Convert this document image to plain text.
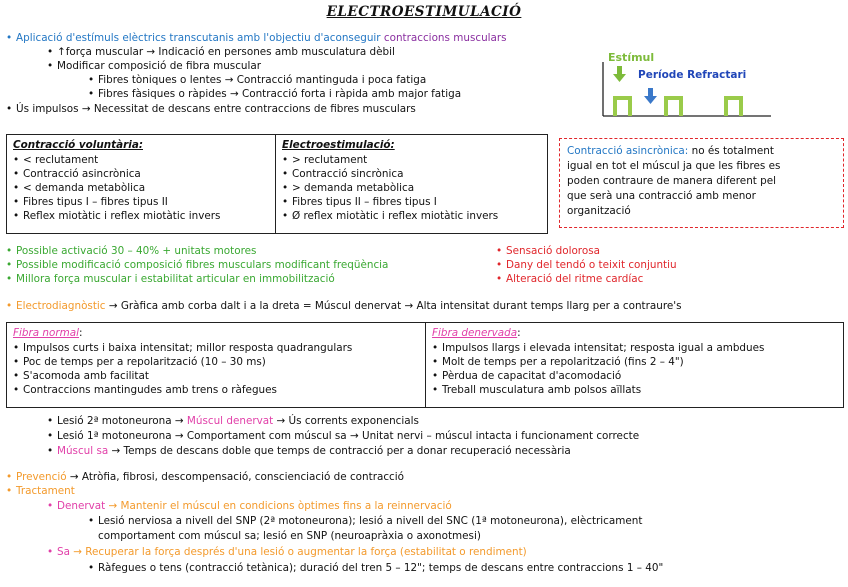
ELECTROESTIMULACIÓ
• Aplicació d'estímuls elèctrics transcutanis amb l'objectiu d'aconseguir contraccions musculars
• ↑força muscular → Indicació en persones amb musculatura dèbil
• Modificar composició de fibra muscular
• Fibres tòniques o lentes → Contracció mantinguda i poca fatiga
• Fibres fàsiques o ràpides → Contracció forta i ràpida amb major fatiga
• Ús impulsos → Necessitat de descans entre contraccions de fibres musculars
Estímul
Període Refractari
Contracció voluntària:
• < reclutament
• Contracció asincrònica
• < demanda metabòlica
• Fibres tipus I – fibres tipus II
• Reflex miotàtic i reflex miotàtic invers
Electroestimulació:
• > reclutament
• Contracció sincrònica
• > demanda metabòlica
• Fibres tipus II – fibres tipus I
• Ø reflex miotàtic i reflex miotàtic invers
Contracció asincrònica: no és totalment
igual en tot el múscul ja que les fibres es
poden contraure de manera diferent pel
que serà una contracció amb menor
organització
• Possible activació 30 – 40% + unitats motores
• Possible modificació composició fibres musculars modificant freqüència
• Millora força muscular i estabilitat articular en immobilització
• Sensació dolorosa
• Dany del tendó o teixit conjuntiu
• Alteració del ritme cardíac
• Electrodiagnòstic → Gràfica amb corba dalt i a la dreta = Múscul denervat → Alta intensitat durant temps llarg per a contraure's
Fibra normal:
• Impulsos curts i baixa intensitat; millor resposta quadrangulars
• Poc de temps per a repolarització (10 – 30 ms)
• S'acomoda amb facilitat
• Contraccions mantingudes amb trens o ràfegues
Fibra denervada:
• Impulsos llargs i elevada intensitat; resposta igual a ambdues
• Molt de temps per a repolarització (fins 2 – 4")
• Pèrdua de capacitat d'acomodació
• Treball musculatura amb polsos aïllats
• Lesió 2ª motoneurona → Múscul denervat → Ús corrents exponencials
• Lesió 1ª motoneurona → Comportament com múscul sa → Unitat nervi – múscul intacta i funcionament correcte
• Múscul sa → Temps de descans doble que temps de contracció per a donar recuperació necessària
• Prevenció → Atròfia, fibrosi, descompensació, conscienciació de contracció
• Tractament
• Denervat → Mantenir el múscul en condicions òptimes fins a la reinnervació
• Lesió nerviosa a nivell del SNP (2ª motoneurona); lesió a nivell del SNC (1ª motoneurona), elèctricament
comportament com múscul sa; lesió en SNP (neuroapràxia o axonotmesi)
• Sa → Recuperar la força després d'una lesió o augmentar la força (estabilitat o rendiment)
• Ràfegues o tens (contracció tetànica); duració del tren 5 – 12"; temps de descans entre contraccions 1 – 40"
